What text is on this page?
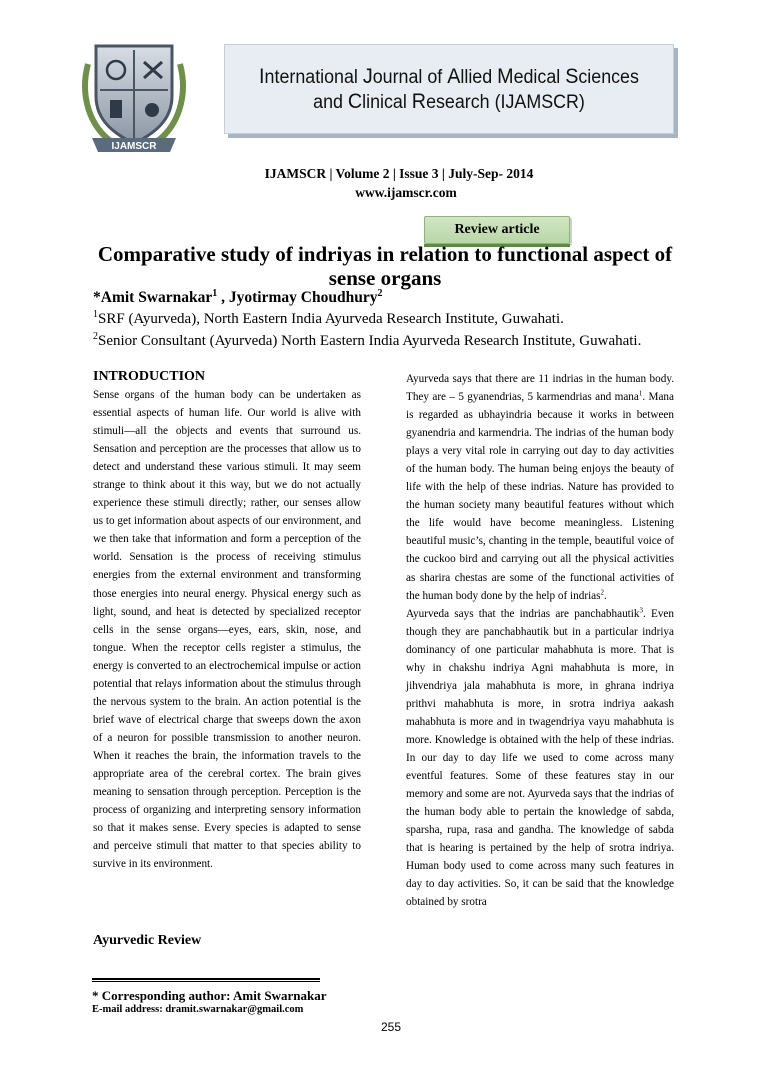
IJAMSCR
International Journal of Allied Medical Sciences
and Clinical Research (IJAMSCR)
IJAMSCR | Volume 2 | Issue 3 | July-Sep- 2014
www.ijamscr.com
Review article
Comparative study of indriyas in relation to functional aspect of sense organs
*Amit Swarnakar$^1$ , Jyotirmay Choudhury$^2$
$^1$SRF (Ayurveda), North Eastern India Ayurveda Research Institute, Guwahati.
$^2$Senior Consultant (Ayurveda) North Eastern India Ayurveda Research Institute, Guwahati.
INTRODUCTION

Sense organs of the human body can be undertaken as essential aspects of human life. Our world is alive with stimuli—all the objects and events that surround us. Sensation and perception are the processes that allow us to detect and understand these various stimuli. It may seem strange to think about it this way, but we do not actually experience these stimuli directly; rather, our senses allow us to get information about aspects of our environment, and we then take that information and form a perception of the world. Sensation is the process of receiving stimulus energies from the external environment and transforming those energies into neural energy. Physical energy such as light, sound, and heat is detected by specialized receptor cells in the sense organs—eyes, ears, skin, nose, and tongue. When the receptor cells register a stimulus, the energy is converted to an electrochemical impulse or action potential that relays information about the stimulus through the nervous system to the brain. An action potential is the brief wave of electrical charge that sweeps down the axon of a neuron for possible transmission to another neuron. When it reaches the brain, the information travels to the appropriate area of the cerebral cortex. The brain gives meaning to sensation through perception. Perception is the process of organizing and interpreting sensory information so that it makes sense. Every species is adapted to sense and perceive stimuli that matter to that species ability to survive in its environment.

Ayurvedic Review

Ayurveda says that there are 11 indrias in the human body. They are – 5 gyanendrias, 5 karmendrias and mana$^1$. Mana is regarded as ubhayindria because it works in between gyanendria and karmendria. The indrias of the human body plays a very vital role in carrying out day to day activities of the human body. The human being enjoys the beauty of life with the help of these indrias. Nature has provided to the human society many beautiful features without which the life would have become meaningless. Listening beautiful music’s, chanting in the temple, beautiful voice of the cuckoo bird and carrying out all the physical activities as sharira chestas are some of the functional activities of the human body done by the help of indrias$^2$.

Ayurveda says that the indrias are panchabhautik$^3$. Even though they are panchabhautik but in a particular indriya dominancy of one particular mahabhuta is more. That is why in chakshu indriya Agni mahabhuta is more, in jihvendriya jala mahabhuta is more, in ghrana indriya prithvi mahabhuta is more, in srotra indriya aakash mahabhuta is more and in twagendriya vayu mahabhuta is more. Knowledge is obtained with the help of these indrias. In our day to day life we used to come across many eventful features. Some of these features stay in our memory and some are not. Ayurveda says that the indrias of the human body able to pertain the knowledge of sabda, sparsha, rupa, rasa and gandha. The knowledge of sabda that is hearing is pertained by the help of srotra indriya. Human body used to come across many such features in day to day activities. So, it can be said that the knowledge obtained by srotra

* Corresponding author: Amit Swarnakar
E-mail address: dramit.swarnakar@gmail.com
255
